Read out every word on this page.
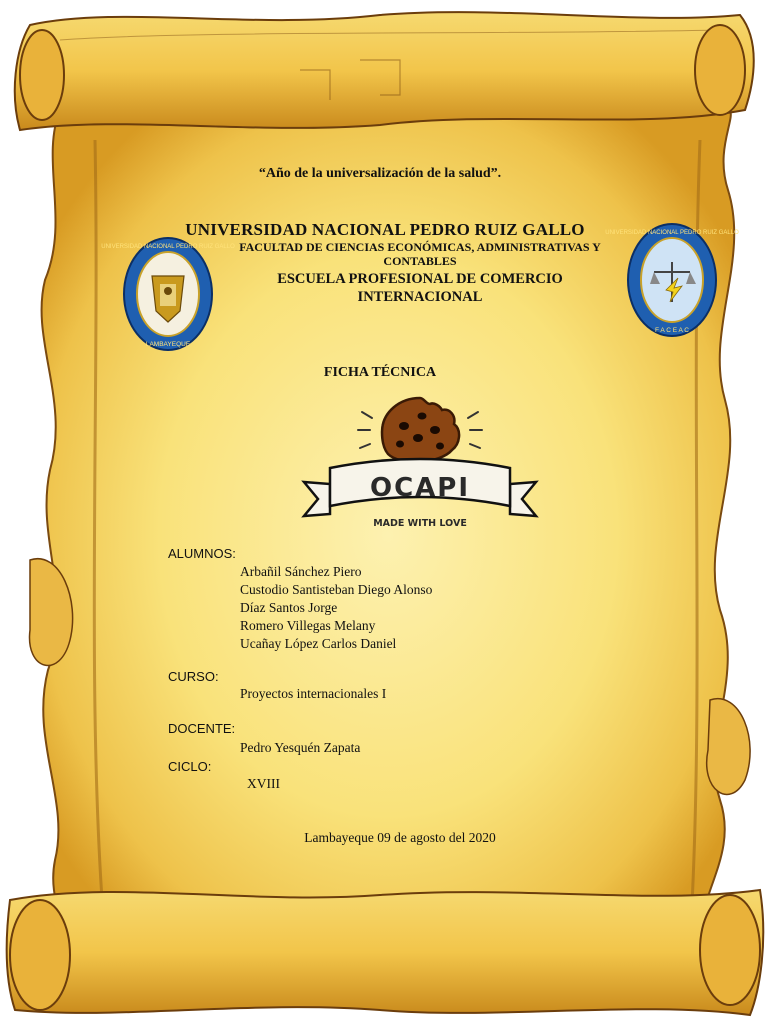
“Año de la universalización de la salud”.
UNIVERSIDAD NACIONAL PEDRO RUIZ GALLO
FACULTAD DE CIENCIAS ECONÓMICAS, ADMINISTRATIVAS Y CONTABLES
ESCUELA PROFESIONAL DE COMERCIO INTERNACIONAL
UNIVERSIDAD NACIONAL PEDRO RUIZ GALLO
LAMBAYEQUE
UNIVERSIDAD NACIONAL PEDRO RUIZ GALLO
F A C E A C
FICHA TÉCNICA
OCAPI
MADE WITH LOVE
ALUMNOS:
Arbañil Sánchez Piero
Custodio Santisteban Diego Alonso
Díaz Santos Jorge
Romero Villegas Melany
Ucañay López Carlos Daniel
CURSO:
Proyectos internacionales I
DOCENTE:
Pedro Yesquén Zapata
CICLO:
XVIII
Lambayeque 09 de agosto del 2020
